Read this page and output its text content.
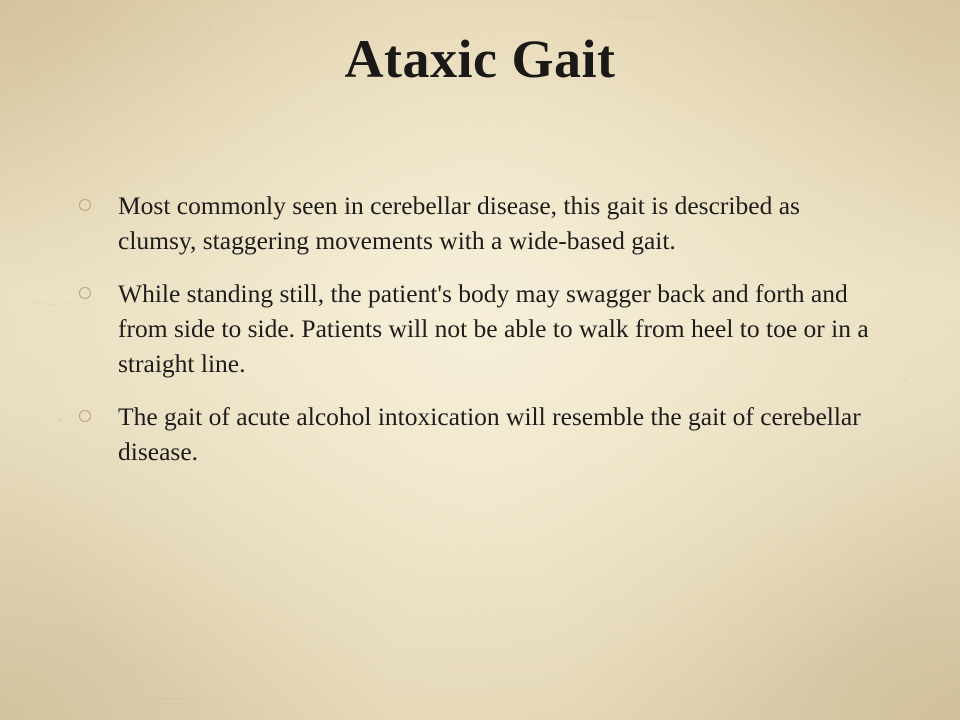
Ataxic Gait
Most commonly seen in cerebellar disease, this gait is described as clumsy, staggering movements with a wide-based gait.
While standing still, the patient's body may swagger back and forth and from side to side. Patients will not be able to walk from heel to toe or in a straight line.
The gait of acute alcohol intoxication will resemble the gait of cerebellar disease.
